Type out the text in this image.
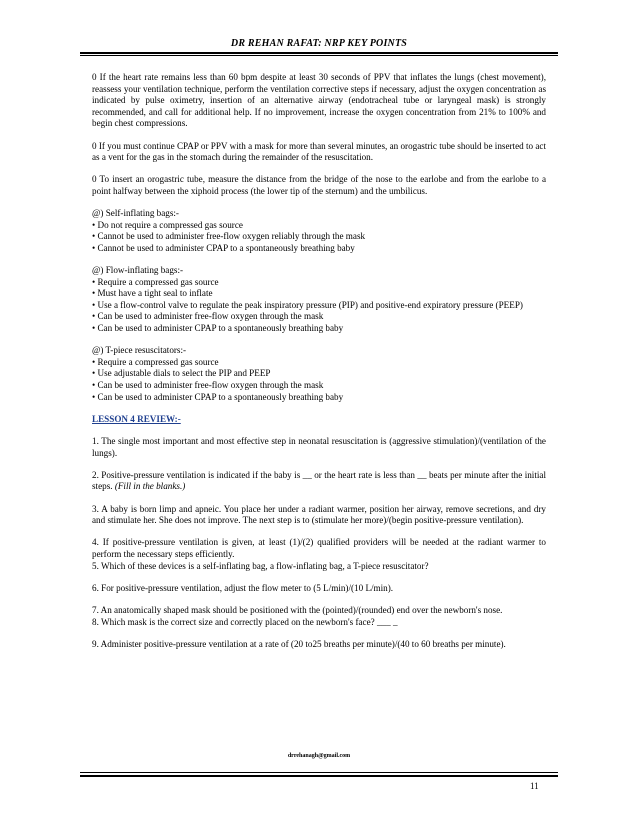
DR REHAN RAFAT: NRP KEY POINTS

0 If the heart rate remains less than 60 bpm despite at least 30 seconds of PPV that inflates the lungs (chest movement), reassess your ventilation technique, perform the ventilation corrective steps if necessary, adjust the oxygen concentration as indicated by pulse oximetry, insertion of an alternative airway (endotracheal tube or laryngeal mask) is strongly recommended, and call for additional help. If no improvement, increase the oxygen concentration from 21% to 100% and begin chest compressions.

0 If you must continue CPAP or PPV with a mask for more than several minutes, an orogastric tube should be inserted to act as a vent for the gas in the stomach during the remainder of the resuscitation.

0 To insert an orogastric tube, measure the distance from the bridge of the nose to the earlobe and from the earlobe to a point halfway between the xiphoid process (the lower tip of the sternum) and the umbilicus.

@) Self-inflating bags:-
• Do not require a compressed gas source
• Cannot be used to administer free-flow oxygen reliably through the mask
• Cannot be used to administer CPAP to a spontaneously breathing baby
@) Flow-inflating bags:-
• Require a compressed gas source
• Must have a tight seal to inflate
• Use a flow-control valve to regulate the peak inspiratory pressure (PIP) and positive-end expiratory pressure (PEEP)
• Can be used to administer free-flow oxygen through the mask
• Can be used to administer CPAP to a spontaneously breathing baby
@) T-piece resuscitators:-
• Require a compressed gas source
• Use adjustable dials to select the PIP and PEEP
• Can be used to administer free-flow oxygen through the mask
• Can be used to administer CPAP to a spontaneously breathing baby

LESSON 4 REVIEW:-

1. The single most important and most effective step in neonatal resuscitation is (aggressive stimulation)/(ventilation of the lungs).

2. Positive-pressure ventilation is indicated if the baby is __ or the heart rate is less than __ beats per minute after the initial steps. (Fill in the blanks.)

3. A baby is born limp and apneic. You place her under a radiant warmer, position her airway, remove secretions, and dry and stimulate her. She does not improve. The next step is to (stimulate her more)/(begin positive-pressure ventilation).

4. If positive-pressure ventilation is given, at least (1)/(2) qualified providers will be needed at the radiant warmer to perform the necessary steps efficiently.
5. Which of these devices is a self-inflating bag, a flow-inflating bag, a T-piece resuscitator?

6. For positive-pressure ventilation, adjust the flow meter to (5 L/min)/(10 L/min).

7. An anatomically shaped mask should be positioned with the (pointed)/(rounded) end over the newborn's nose.
8. Which mask is the correct size and correctly placed on the newborn's face? ___ _

9. Administer positive-pressure ventilation at a rate of (20 to25 breaths per minute)/(40 to 60 breaths per minute).

drrehanagh@gmail.com
11
